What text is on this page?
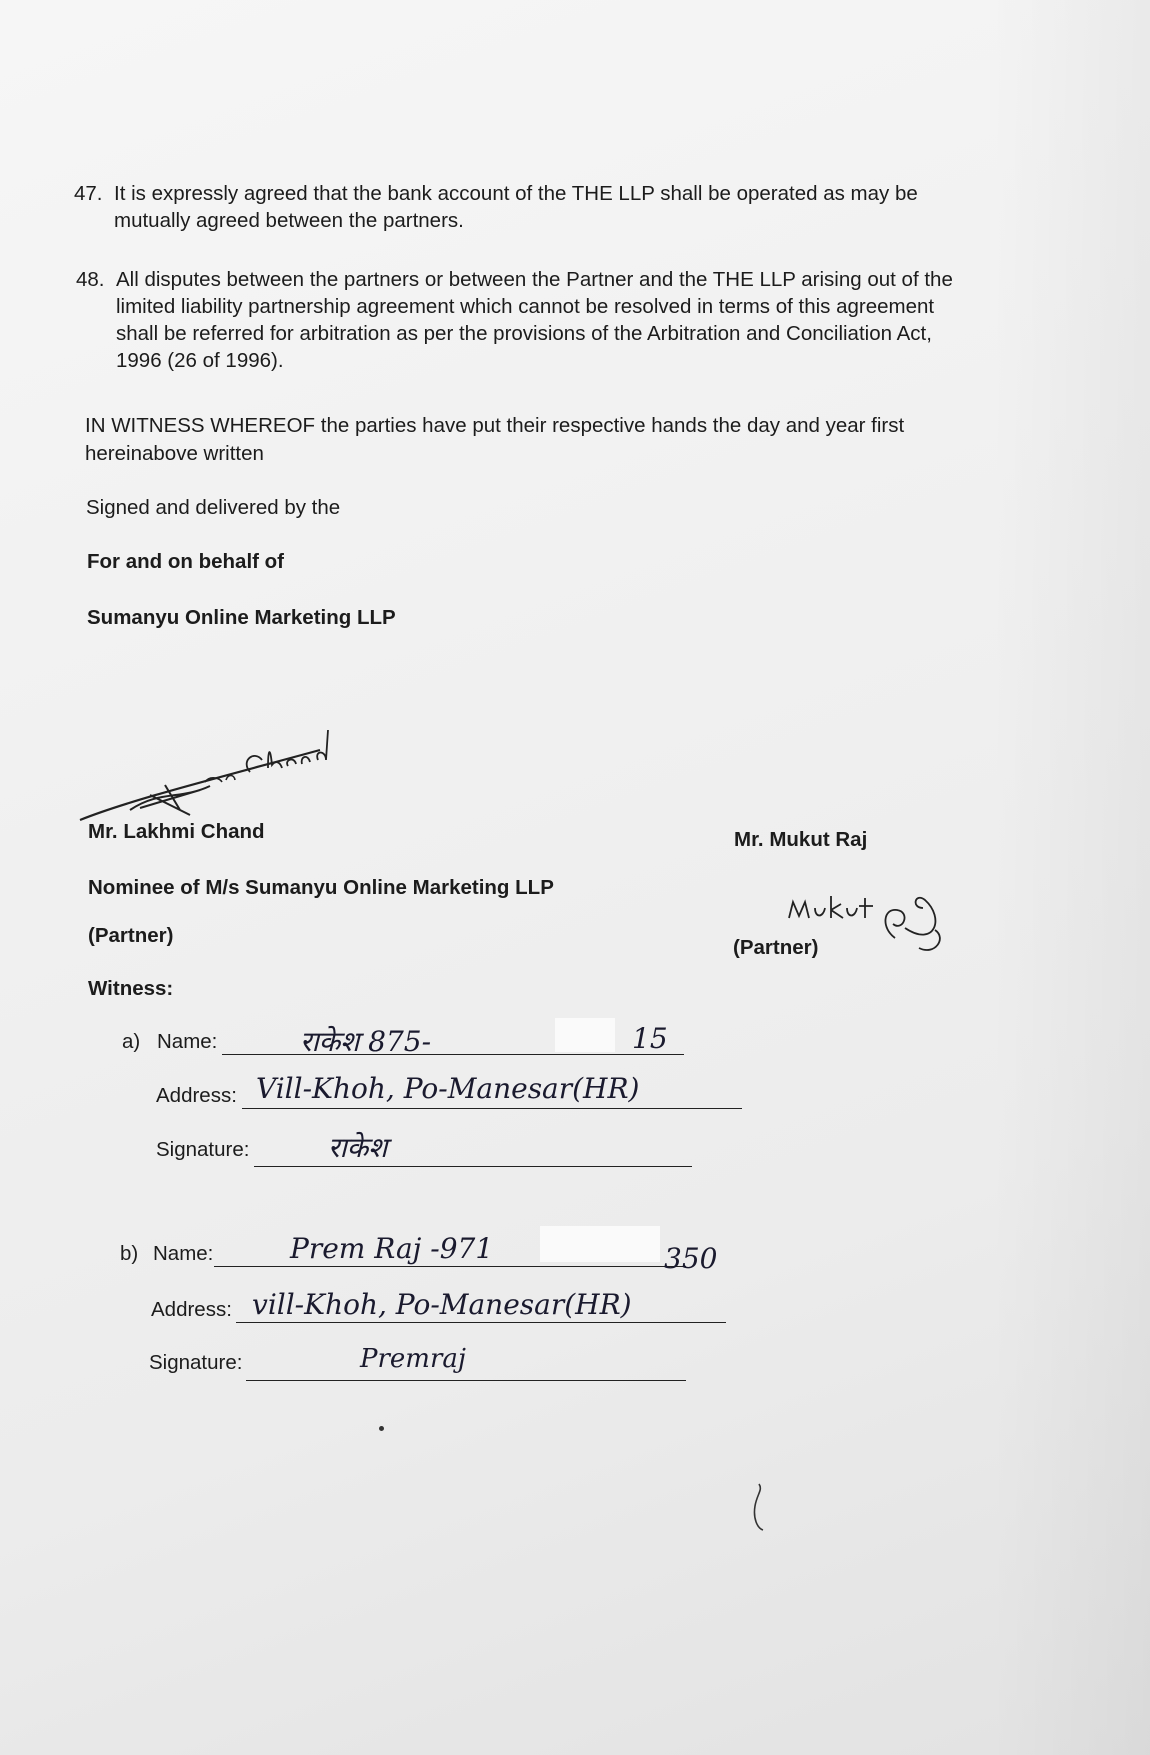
47. It is expressly agreed that the bank account of the THE LLP shall be operated as may be mutually agreed between the partners.
48. All disputes between the partners or between the Partner and the THE LLP arising out of the limited liability partnership agreement which cannot be resolved in terms of this agreement shall be referred for arbitration as per the provisions of the Arbitration and Conciliation Act, 1996 (26 of 1996).
IN WITNESS WHEREOF the parties have put their respective hands the day and year first hereinabove written
Signed and delivered by the
For and on behalf of
Sumanyu Online Marketing LLP
Mr. Lakhmi Chand	Mr. Mukut Raj
Nominee of M/s Sumanyu Online Marketing LLP
(Partner)
(Partner)
Witness:
a) Name:	राकेश 875-	15
Address: Vill-Khoh, Po-Manesar(HR)
Signature:	राकेश
b) Name:	Prem Raj -971	350
Address: vill-Khoh, Po-Manesar(HR)
Signature:	Premraj
